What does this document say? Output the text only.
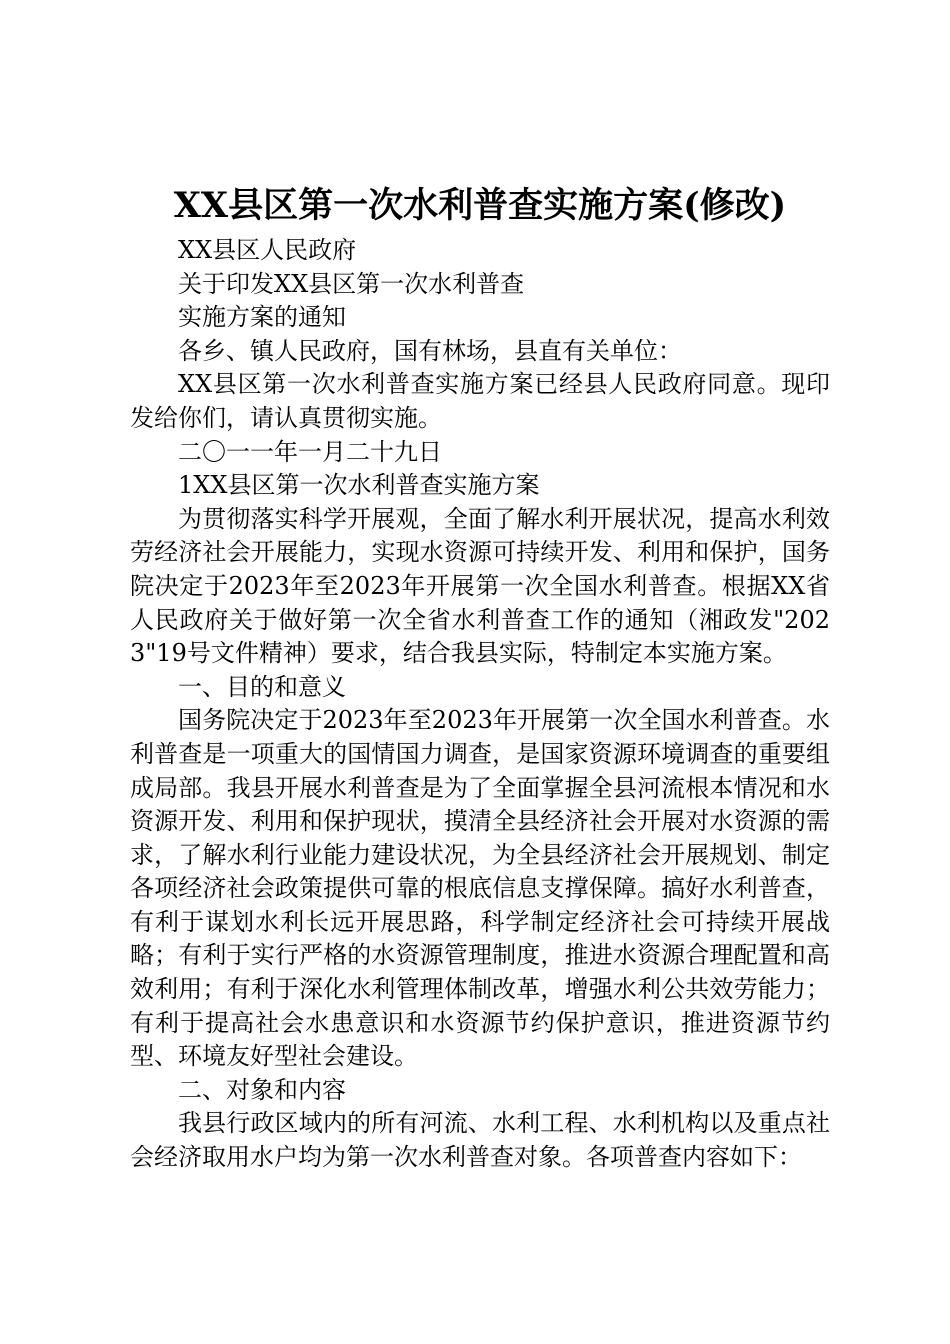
XX县区第一次水利普查实施方案(修改)

XX县区人民政府

关于印发XX县区第一次水利普查

实施方案的通知

各乡、镇人民政府，国有林场，县直有关单位：

XX县区第一次水利普查实施方案已经县人民政府同意。现印发给你们，请认真贯彻实施。

二〇一一年一月二十九日

1XX县区第一次水利普查实施方案

为贯彻落实科学开展观，全面了解水利开展状况，提高水利效劳经济社会开展能力，实现水资源可持续开发、利用和保护，国务院决定于2023年至2023年开展第一次全国水利普查。根据XX省人民政府关于做好第一次全省水利普查工作的通知（湘政发"2023"19号文件精神）要求，结合我县实际，特制定本实施方案。

一、目的和意义

国务院决定于2023年至2023年开展第一次全国水利普查。水利普查是一项重大的国情国力调查，是国家资源环境调查的重要组成局部。我县开展水利普查是为了全面掌握全县河流根本情况和水资源开发、利用和保护现状，摸清全县经济社会开展对水资源的需求，了解水利行业能力建设状况，为全县经济社会开展规划、制定各项经济社会政策提供可靠的根底信息支撑保障。搞好水利普查，有利于谋划水利长远开展思路，科学制定经济社会可持续开展战略；有利于实行严格的水资源管理制度，推进水资源合理配置和高效利用；有利于深化水利管理体制改革，增强水利公共效劳能力；有利于提高社会水患意识和水资源节约保护意识，推进资源节约型、环境友好型社会建设。

二、对象和内容

我县行政区域内的所有河流、水利工程、水利机构以及重点社会经济取用水户均为第一次水利普查对象。各项普查内容如下：
